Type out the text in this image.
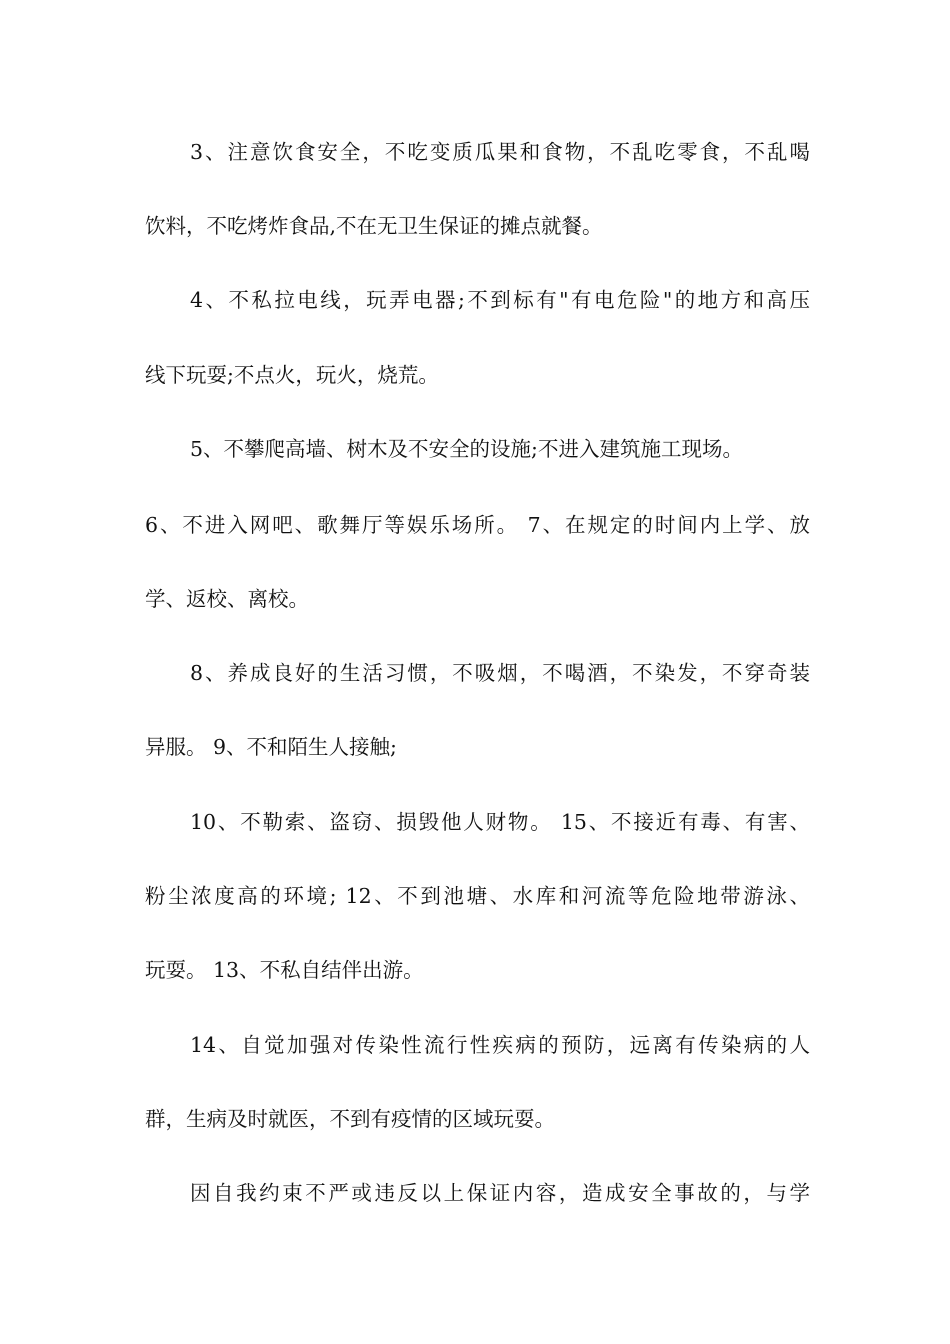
3、注意饮食安全，不吃变质瓜果和食物，不乱吃零食，不乱喝
饮料，不吃烤炸食品,不在无卫生保证的摊点就餐。
4、不私拉电线，玩弄电器;不到标有"有电危险"的地方和高压
线下玩耍;不点火，玩火，烧荒。
5、不攀爬高墙、树木及不安全的设施;不进入建筑施工现场。
6、不进入网吧、歌舞厅等娱乐场所。 7、在规定的时间内上学、放
学、返校、离校。
8、养成良好的生活习惯，不吸烟，不喝酒，不染发，不穿奇装
异服。 9、不和陌生人接触;
10、不勒索、盗窃、损毁他人财物。 15、不接近有毒、有害、
粉尘浓度高的环境; 12、不到池塘、水库和河流等危险地带游泳、
玩耍。 13、不私自结伴出游。
14、自觉加强对传染性流行性疾病的预防，远离有传染病的人
群，生病及时就医，不到有疫情的区域玩耍。
因自我约束不严或违反以上保证内容，造成安全事故的，与学
